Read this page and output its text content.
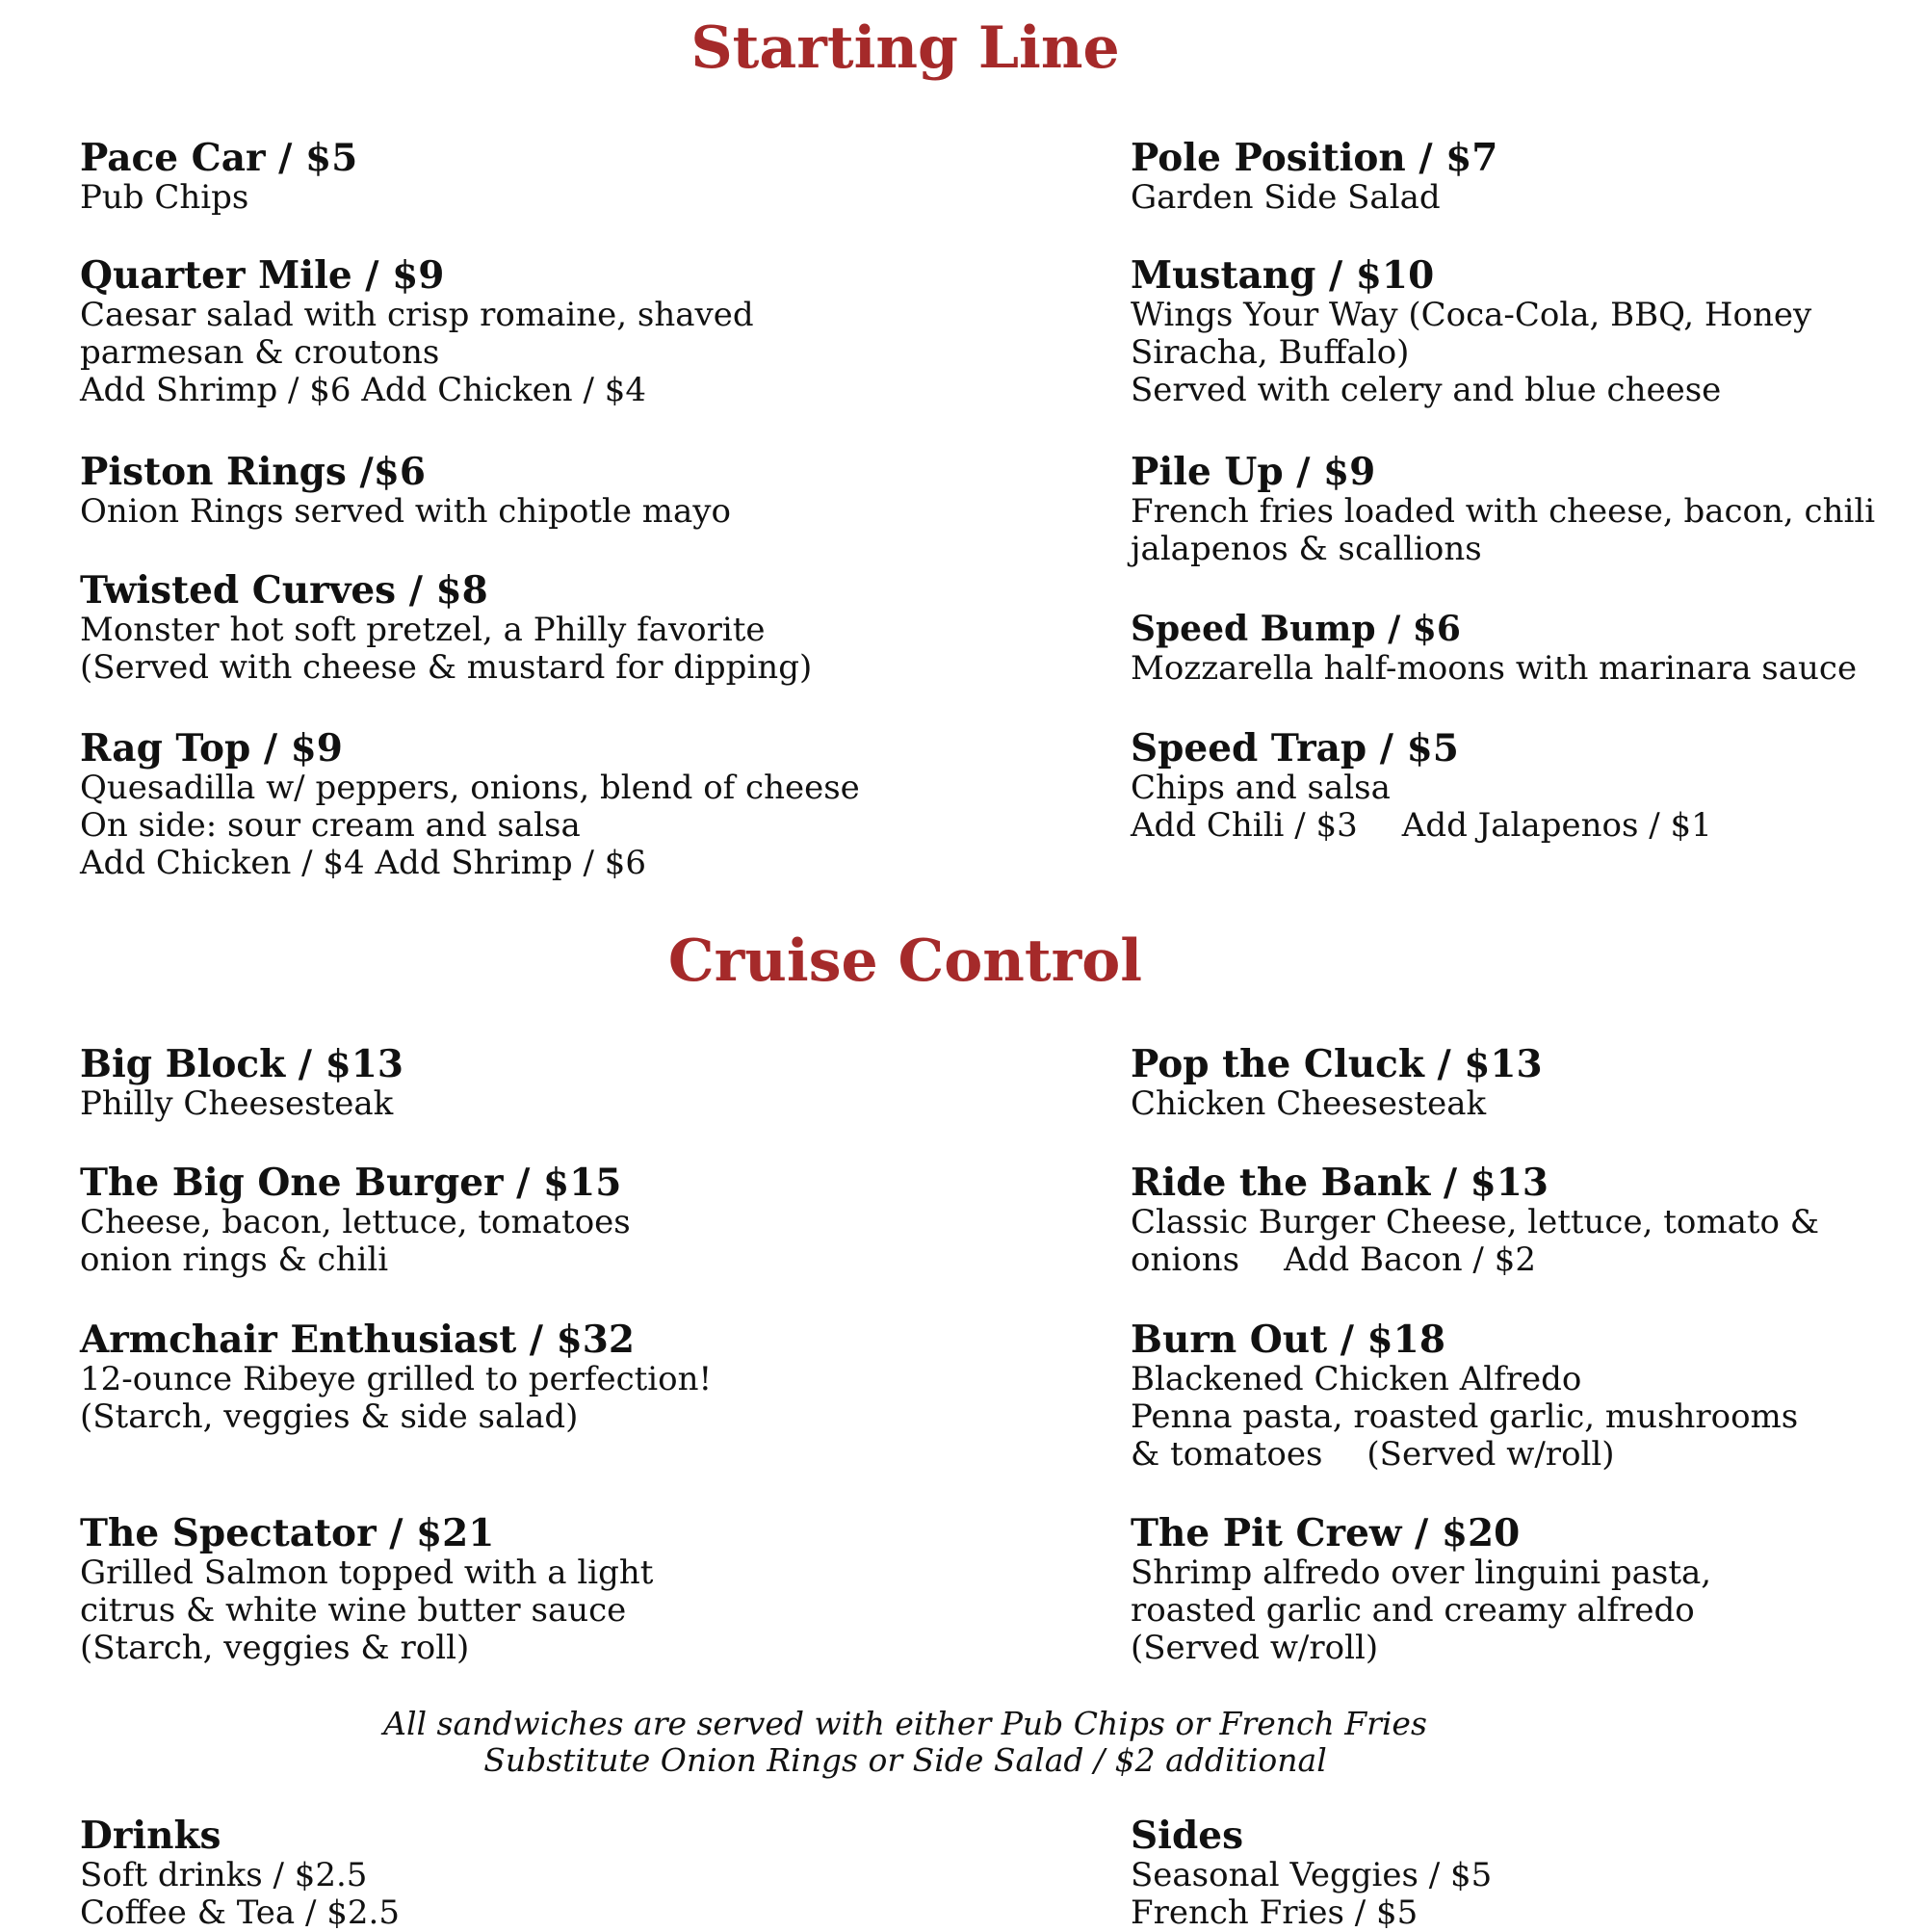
Starting Line
Pace Car / $5
Pub Chips
Quarter Mile / $9
Caesar salad with crisp romaine, shaved
parmesan & croutons
Add Shrimp / $6 Add Chicken / $4
Piston Rings /$6
Onion Rings served with chipotle mayo
Twisted Curves / $8
Monster hot soft pretzel, a Philly favorite
(Served with cheese & mustard for dipping)
Rag Top / $9
Quesadilla w/ peppers, onions, blend of cheese
On side: sour cream and salsa
Add Chicken / $4 Add Shrimp / $6
Pole Position / $7
Garden Side Salad
Mustang / $10
Wings Your Way (Coca-Cola, BBQ, Honey
Siracha, Buffalo)
Served with celery and blue cheese
Pile Up / $9
French fries loaded with cheese, bacon, chili
jalapenos & scallions
Speed Bump / $6
Mozzarella half-moons with marinara sauce
Speed Trap / $5
Chips and salsa
Add Chili / $3 Add Jalapenos / $1
Cruise Control
Big Block / $13
Philly Cheesesteak
The Big One Burger / $15
Cheese, bacon, lettuce, tomatoes
onion rings & chili
Armchair Enthusiast / $32
12-ounce Ribeye grilled to perfection!
(Starch, veggies & side salad)
The Spectator / $21
Grilled Salmon topped with a light
citrus & white wine butter sauce
(Starch, veggies & roll)
Pop the Cluck / $13
Chicken Cheesesteak
Ride the Bank / $13
Classic Burger Cheese, lettuce, tomato &
onions Add Bacon / $2
Burn Out / $18
Blackened Chicken Alfredo
Penna pasta, roasted garlic, mushrooms
& tomatoes (Served w/roll)
The Pit Crew / $20
Shrimp alfredo over linguini pasta,
roasted garlic and creamy alfredo
(Served w/roll)
All sandwiches are served with either Pub Chips or French Fries
Substitute Onion Rings or Side Salad / $2 additional
Drinks
Soft drinks / $2.5
Coffee & Tea / $2.5
Sides
Seasonal Veggies / $5
French Fries / $5
